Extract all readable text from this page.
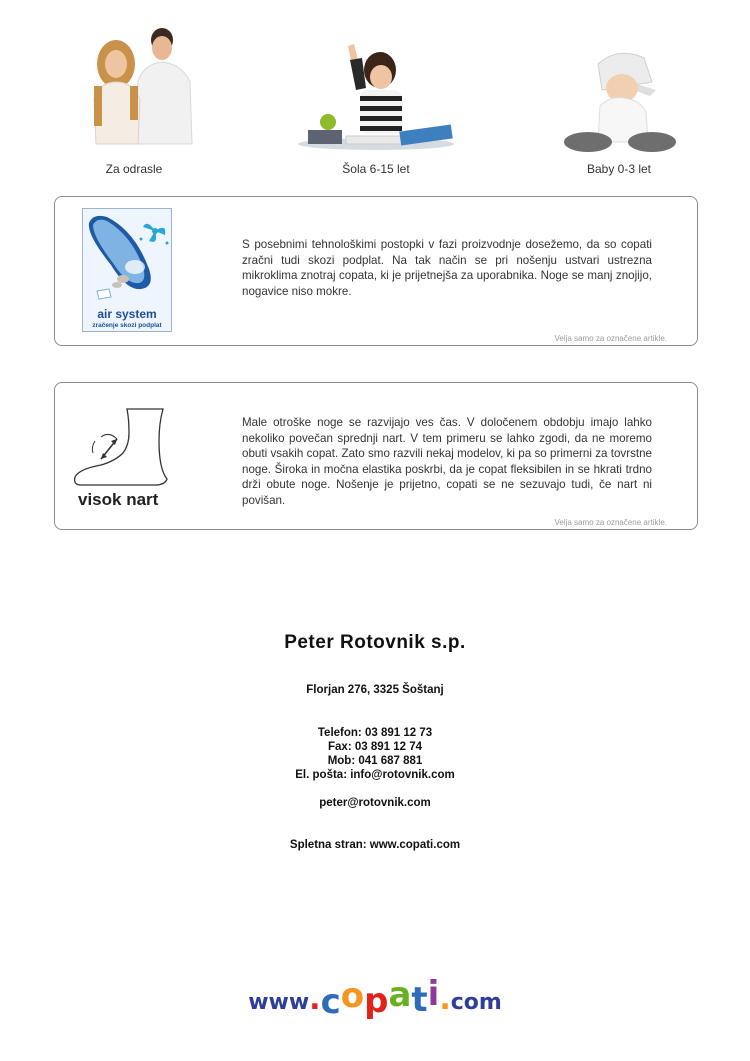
Za odrasle	Šola 6-15 let	Baby 0-3 let
air system
zračenje skozi podplat
S posebnimi tehnološkimi postopki v fazi proizvodnje dosežemo, da so copati zračni tudi skozi podplat. Na tak način se pri nošenju ustvari ustrezna mikroklima znotraj copata, ki je prijetnejša za uporabnika. Noge se manj znojijo, nogavice niso mokre.
Velja samo za označene artikle.
visok nart
Male otroške noge se razvijajo ves čas. V določenem obdobju imajo lahko nekoliko povečan sprednji nart. V tem primeru se lahko zgodi, da ne moremo obuti vsakih copat. Zato smo razvili nekaj modelov, ki pa so primerni za tovrstne noge. Široka in močna elastika poskrbi, da je copat fleksibilen in se hkrati trdno drži obute noge. Nošenje je prijetno, copati se ne sezuvajo tudi, če nart ni povišan.
Velja samo za označene artikle.
Peter Rotovnik s.p.
Florjan 276, 3325 Šoštanj
Telefon: 03 891 12 73
Fax: 03 891 12 74
Mob: 041 687 881
El. pošta: info@rotovnik.com
peter@rotovnik.com
Spletna stran: www.copati.com
www.copati.com
